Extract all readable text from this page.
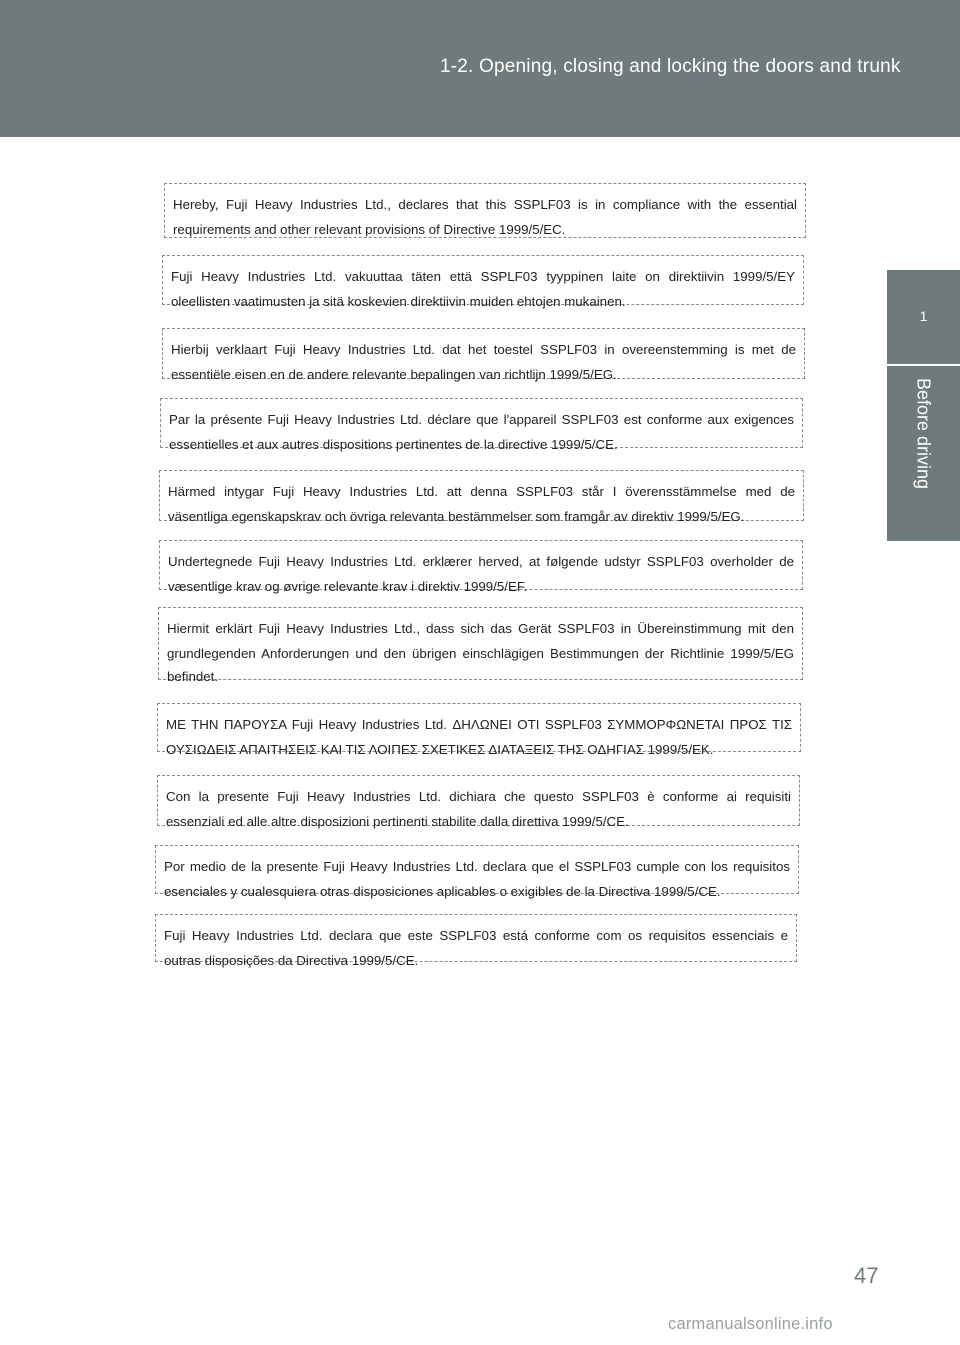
1-2. Opening, closing and locking the doors and trunk
1
Before driving
Hereby, Fuji Heavy Industries Ltd., declares that this SSPLF03 is in compliance with the essential
requirements and other relevant provisions of Directive 1999/5/EC.
Fuji Heavy Industries Ltd. vakuuttaa täten että SSPLF03 tyyppinen laite on direktiivin 1999/5/EY
oleellisten vaatimusten ja sitä koskevien direktiivin muiden ehtojen mukainen.
Hierbij verklaart Fuji Heavy Industries Ltd. dat het toestel SSPLF03 in overeenstemming is met de
essentiële eisen en de andere relevante bepalingen van richtlijn 1999/5/EG.
Par la présente Fuji Heavy Industries Ltd. déclare que l'appareil SSPLF03 est conforme aux exigences
essentielles et aux autres dispositions pertinentes de la directive 1999/5/CE.
Härmed intygar Fuji Heavy Industries Ltd. att denna SSPLF03 står I överensstämmelse med de
väsentliga egenskapskrav och övriga relevanta bestämmelser som framgår av direktiv 1999/5/EG.
Undertegnede Fuji Heavy Industries Ltd. erklærer herved, at følgende udstyr SSPLF03 overholder de
væsentlige krav og øvrige relevante krav i direktiv 1999/5/EF.
Hiermit erklärt Fuji Heavy Industries Ltd., dass sich das Gerät SSPLF03 in Übereinstimmung mit den
grundlegenden Anforderungen und den übrigen einschlägigen Bestimmungen der Richtlinie 1999/5/EG
befindet.
ΜΕ ΤΗΝ ΠΑΡΟΥΣΑ Fuji Heavy Industries Ltd. ΔΗΛΩΝΕΙ ΟΤΙ SSPLF03 ΣΥΜΜΟΡΦΩΝΕΤΑΙ ΠΡΟΣ ΤΙΣ
ΟΥΣΙΩΔΕΙΣ ΑΠΑΙΤΗΣΕΙΣ ΚΑΙ ΤΙΣ ΛΟΙΠΕΣ ΣΧΕΤΙΚΕΣ ΔΙΑΤΑΞΕΙΣ ΤΗΣ ΟΔΗΓΙΑΣ 1999/5/ΕΚ.
Con la presente Fuji Heavy Industries Ltd. dichiara che questo SSPLF03 è conforme ai requisiti
essenziali ed alle altre disposizioni pertinenti stabilite dalla direttiva 1999/5/CE.
Por medio de la presente Fuji Heavy Industries Ltd. declara que el SSPLF03 cumple con los requisitos
esenciales y cualesquiera otras disposiciones aplicables o exigibles de la Directiva 1999/5/CE.
Fuji Heavy Industries Ltd. declara que este SSPLF03 está conforme com os requisitos essenciais e
outras disposições da Directiva 1999/5/CE.
47
carmanualsonline.info
